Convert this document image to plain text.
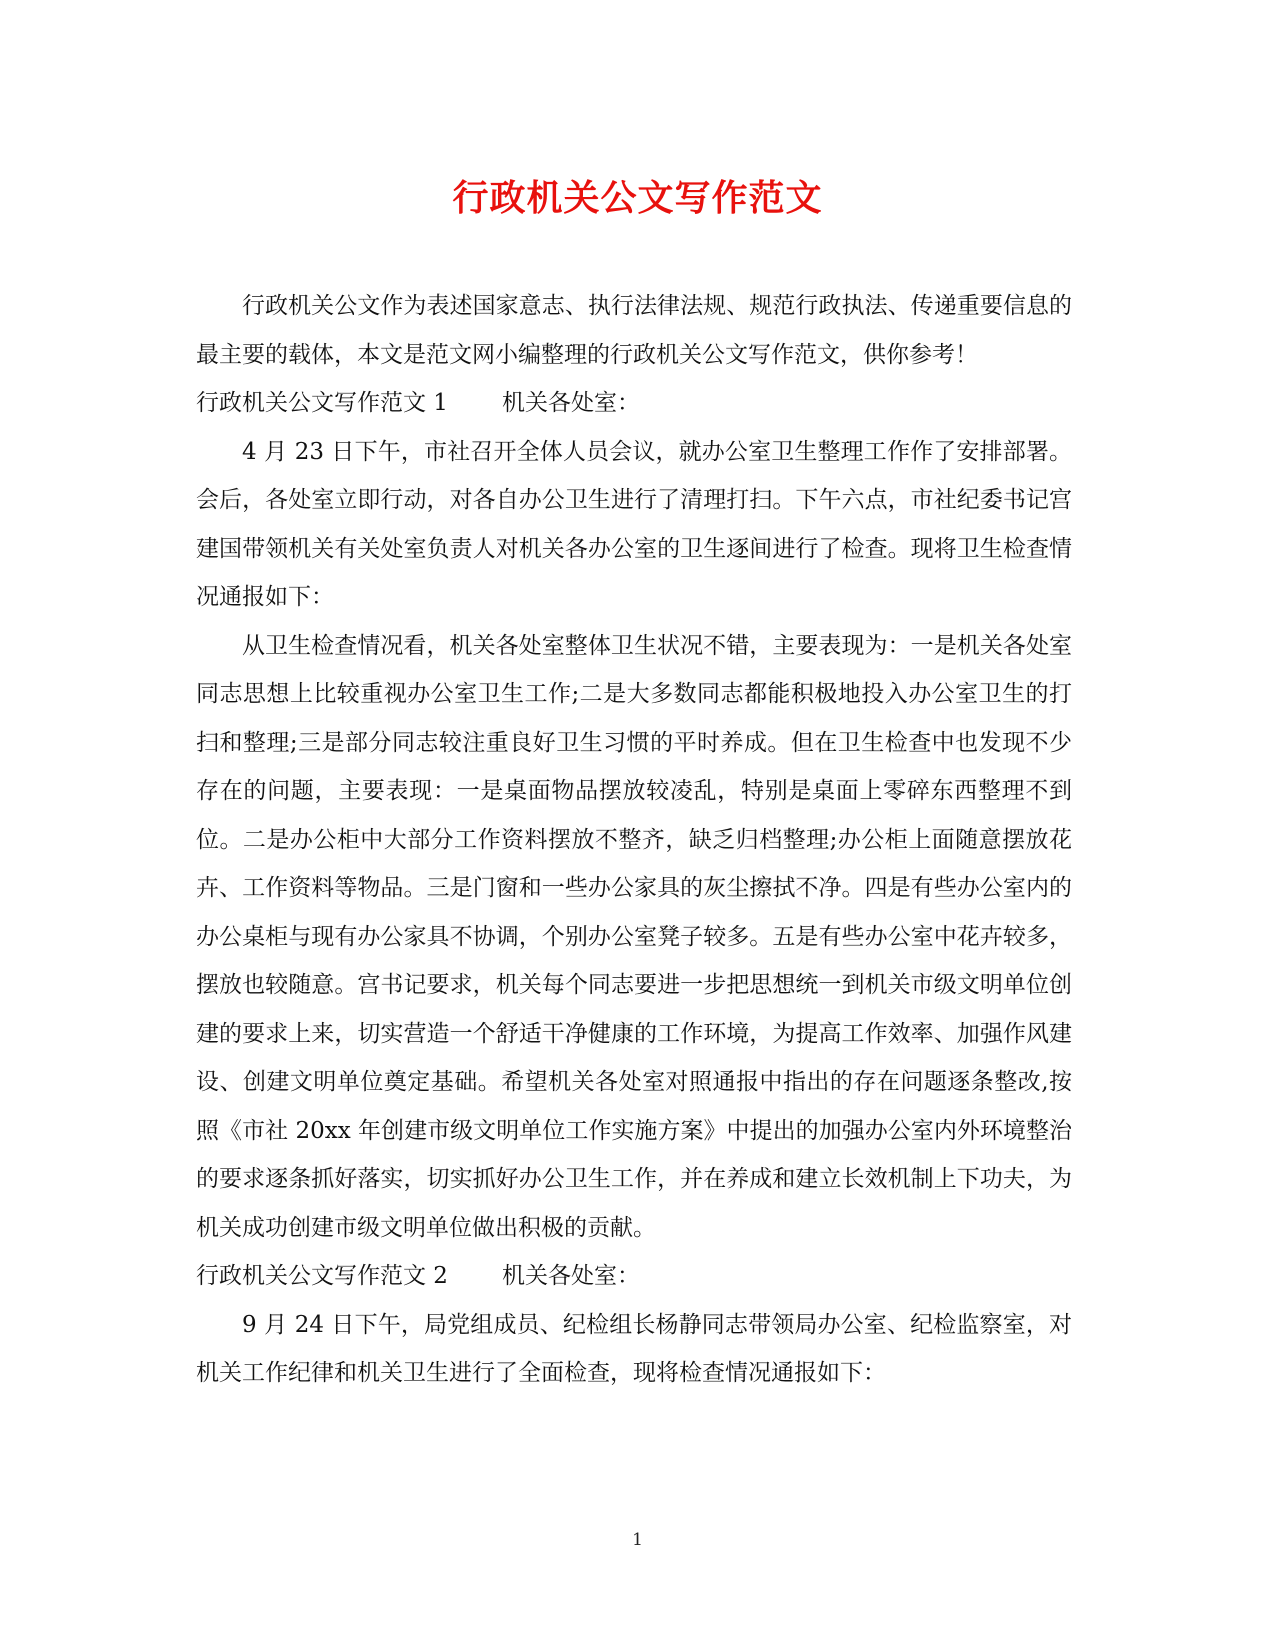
行政机关公文写作范文

行政机关公文作为表述国家意志、执行法律法规、规范行政执法、传递重要信息的最主要的载体，本文是范文网小编整理的行政机关公文写作范文，供你参考！

行政机关公文写作范文 1 机关各处室：

4 月 23 日下午，市社召开全体人员会议，就办公室卫生整理工作作了安排部署。会后，各处室立即行动，对各自办公卫生进行了清理打扫。下午六点，市社纪委书记宫建国带领机关有关处室负责人对机关各办公室的卫生逐间进行了检查。现将卫生检查情况通报如下：

从卫生检查情况看，机关各处室整体卫生状况不错，主要表现为：一是机关各处室同志思想上比较重视办公室卫生工作;二是大多数同志都能积极地投入办公室卫生的打扫和整理;三是部分同志较注重良好卫生习惯的平时养成。但在卫生检查中也发现不少存在的问题，主要表现：一是桌面物品摆放较凌乱，特别是桌面上零碎东西整理不到位。二是办公柜中大部分工作资料摆放不整齐，缺乏归档整理;办公柜上面随意摆放花卉、工作资料等物品。三是门窗和一些办公家具的灰尘擦拭不净。四是有些办公室内的办公桌柜与现有办公家具不协调，个别办公室凳子较多。五是有些办公室中花卉较多，摆放也较随意。宫书记要求，机关每个同志要进一步把思想统一到机关市级文明单位创建的要求上来，切实营造一个舒适干净健康的工作环境，为提高工作效率、加强作风建设、创建文明单位奠定基础。希望机关各处室对照通报中指出的存在问题逐条整改,按照《市社 20xx 年创建市级文明单位工作实施方案》中提出的加强办公室内外环境整治的要求逐条抓好落实，切实抓好办公卫生工作，并在养成和建立长效机制上下功夫，为机关成功创建市级文明单位做出积极的贡献。

行政机关公文写作范文 2 机关各处室：

9 月 24 日下午，局党组成员、纪检组长杨静同志带领局办公室、纪检监察室，对机关工作纪律和机关卫生进行了全面检查，现将检查情况通报如下：

1
